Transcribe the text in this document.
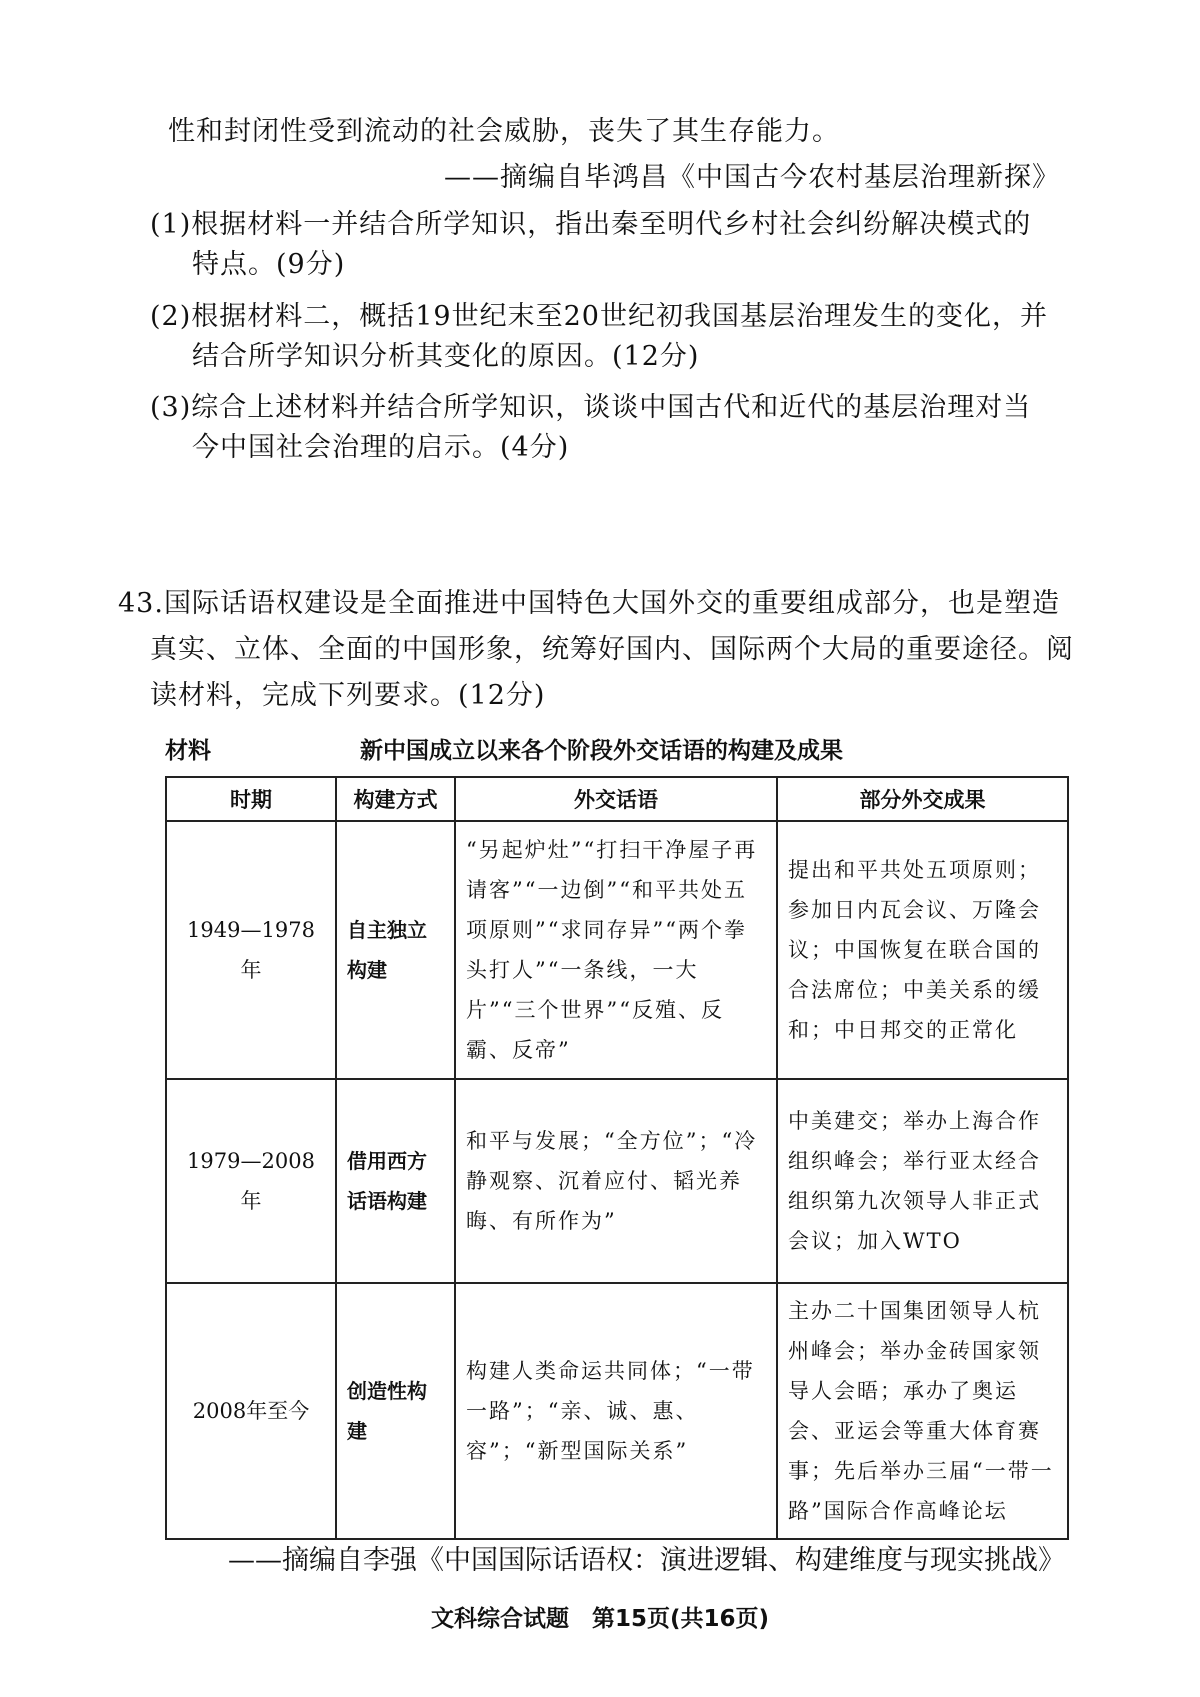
性和封闭性受到流动的社会威胁，丧失了其生存能力。
——摘编自毕鸿昌《中国古今农村基层治理新探》
(1)根据材料一并结合所学知识，指出秦至明代乡村社会纠纷解决模式的
特点。(9分)
(2)根据材料二，概括19世纪末至20世纪初我国基层治理发生的变化，并
结合所学知识分析其变化的原因。(12分)
(3)综合上述材料并结合所学知识，谈谈中国古代和近代的基层治理对当
今中国社会治理的启示。(4分)
43.国际话语权建设是全面推进中国特色大国外交的重要组成部分，也是塑造
真实、立体、全面的中国形象，统筹好国内、国际两个大局的重要途径。阅
读材料，完成下列要求。(12分)
材料	新中国成立以来各个阶段外交话语的构建及成果
时期	构建方式	外交话语	部分外交成果
1949—1978年	自主独立构建	“另起炉灶”“打扫干净屋子再请客”“一边倒”“和平共处五项原则”“求同存异”“两个拳头打人”“一条线，一大片”“三个世界”“反殖、反霸、反帝”	提出和平共处五项原则；参加日内瓦会议、万隆会议；中国恢复在联合国的合法席位；中美关系的缓和；中日邦交的正常化
1979—2008年	借用西方话语构建	和平与发展；“全方位”；“冷静观察、沉着应付、韬光养晦、有所作为”	中美建交；举办上海合作组织峰会；举行亚太经合组织第九次领导人非正式会议；加入WTO
2008年至今	创造性构建	构建人类命运共同体；“一带一路”；“亲、诚、惠、容”；“新型国际关系”	主办二十国集团领导人杭州峰会；举办金砖国家领导人会晤；承办了奥运会、亚运会等重大体育赛事；先后举办三届“一带一路”国际合作高峰论坛
——摘编自李强《中国国际话语权：演进逻辑、构建维度与现实挑战》
文科综合试题　第15页(共16页)
